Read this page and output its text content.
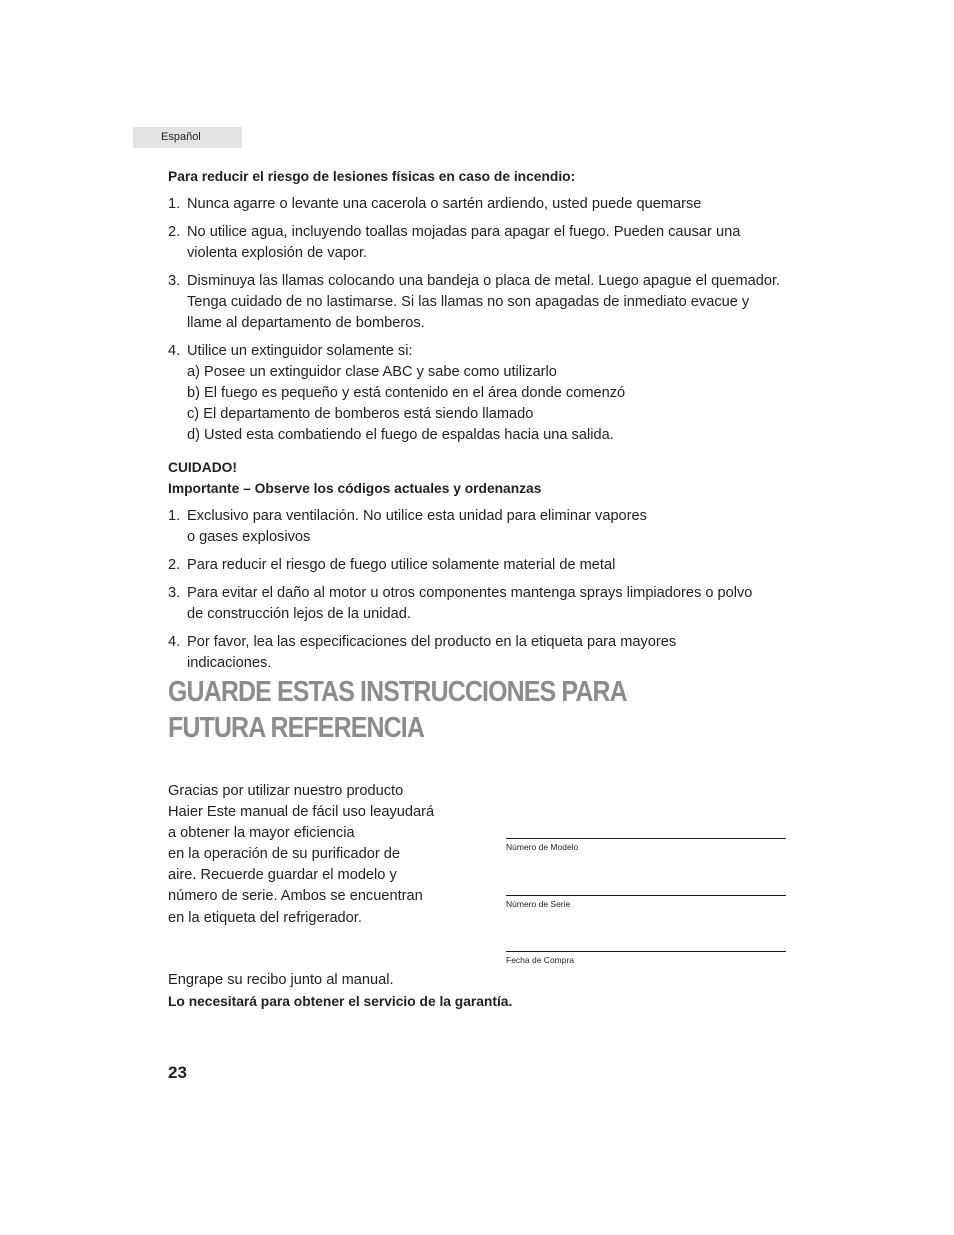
Español
Para reducir el riesgo de lesiones físicas en caso de incendio:
1. Nunca agarre o levante una cacerola o sartén ardiendo, usted puede quemarse
2. No utilice agua, incluyendo toallas mojadas para apagar el fuego. Pueden causar una violenta explosión de vapor.
3. Disminuya las llamas colocando una bandeja o placa de metal. Luego apague el quemador. Tenga cuidado de no lastimarse. Si las llamas no son apagadas de inmediato evacue y llame al departamento de bomberos.
4. Utilice un extinguidor solamente si:
a) Posee un extinguidor clase ABC y sabe como utilizarlo
b) El fuego es pequeño y está contenido en el área donde comenzó
c) El departamento de bomberos está siendo llamado
d) Usted esta combatiendo el fuego de espaldas hacia una salida.
CUIDADO!
Importante – Observe los códigos actuales y ordenanzas
1. Exclusivo para ventilación. No utilice esta unidad para eliminar vapores
o gases explosivos
2. Para reducir el riesgo de fuego utilice solamente material de metal
3. Para evitar el daño al motor u otros componentes mantenga sprays limpiadores o polvo
de construcción lejos de la unidad.
4. Por favor, lea las especificaciones del producto en la etiqueta para mayores
indicaciones.
GUARDE ESTAS INSTRUCCIONES PARA
FUTURA REFERENCIA
Gracias por utilizar nuestro producto
Haier Este manual de fácil uso leayudará
a obtener la mayor eficiencia
en la operación de su purificador de
aire. Recuerde guardar el modelo y
número de serie. Ambos se encuentran
en la etiqueta del refrigerador.
Número de Modelo
Número de Serie
Fecha de Compra
Engrape su recibo junto al manual.
Lo necesitará para obtener el servicio de la garantía.
23
